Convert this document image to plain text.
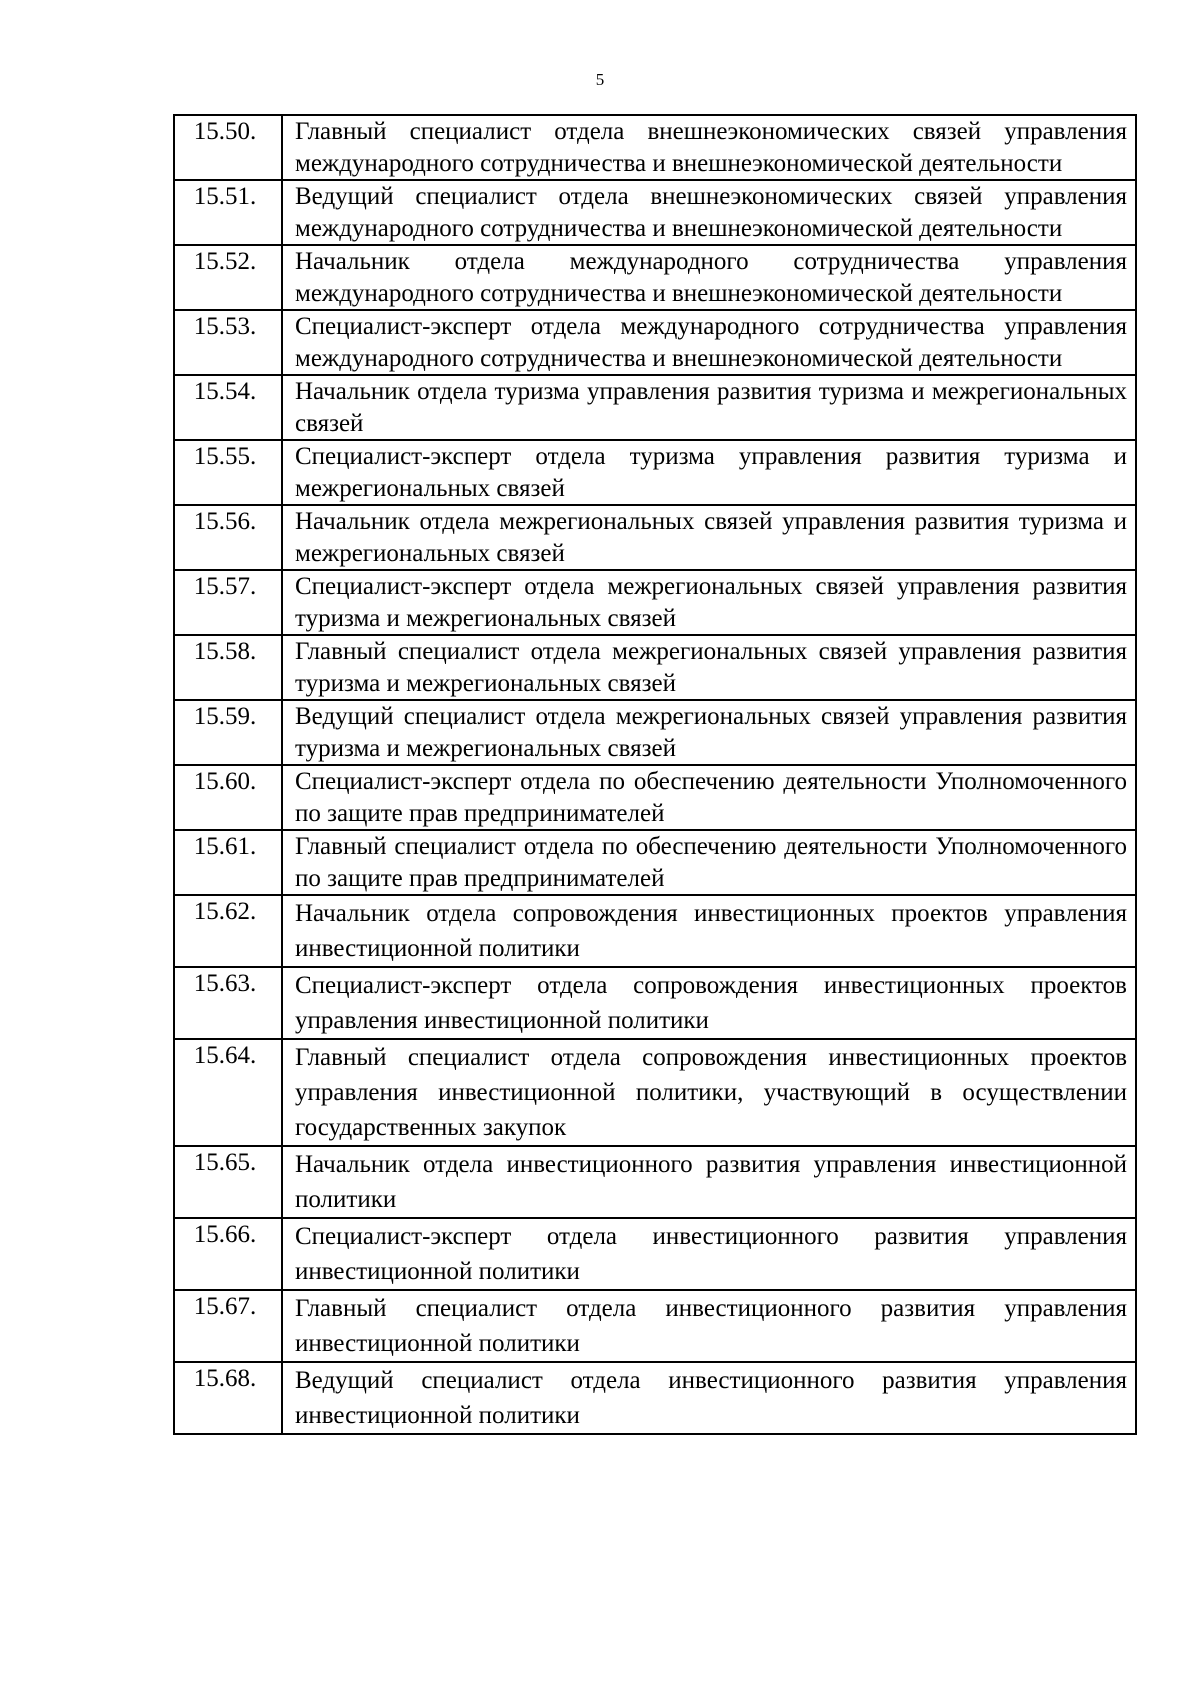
5
15.50.	Главный специалист отдела внешнеэкономических связей управления международного сотрудничества и внешнеэкономической деятельности
15.51.	Ведущий специалист отдела внешнеэкономических связей управления международного сотрудничества и внешнеэкономической деятельности
15.52.	Начальник отдела международного сотрудничества управления международного сотрудничества и внешнеэкономической деятельности
15.53.	Специалист-эксперт отдела международного сотрудничества управления международного сотрудничества и внешнеэкономической деятельности
15.54.	Начальник отдела туризма управления развития туризма и межрегиональных связей
15.55.	Специалист-эксперт отдела туризма управления развития туризма и межрегиональных связей
15.56.	Начальник отдела межрегиональных связей управления развития туризма и межрегиональных связей
15.57.	Специалист-эксперт отдела межрегиональных связей управления развития туризма и межрегиональных связей
15.58.	Главный специалист отдела межрегиональных связей управления развития туризма и межрегиональных связей
15.59.	Ведущий специалист отдела межрегиональных связей управления развития туризма и межрегиональных связей
15.60.	Специалист-эксперт отдела по обеспечению деятельности Уполномоченного по защите прав предпринимателей
15.61.	Главный специалист отдела по обеспечению деятельности Уполномоченного по защите прав предпринимателей
15.62.	Начальник отдела сопровождения инвестиционных проектов управления инвестиционной политики
15.63.	Специалист-эксперт отдела сопровождения инвестиционных проектов управления инвестиционной политики
15.64.	Главный специалист отдела сопровождения инвестиционных проектов управления инвестиционной политики, участвующий в осуществлении государственных закупок
15.65.	Начальник отдела инвестиционного развития управления инвестиционной политики
15.66.	Специалист-эксперт отдела инвестиционного развития управления инвестиционной политики
15.67.	Главный специалист отдела инвестиционного развития управления инвестиционной политики
15.68.	Ведущий специалист отдела инвестиционного развития управления инвестиционной политики
